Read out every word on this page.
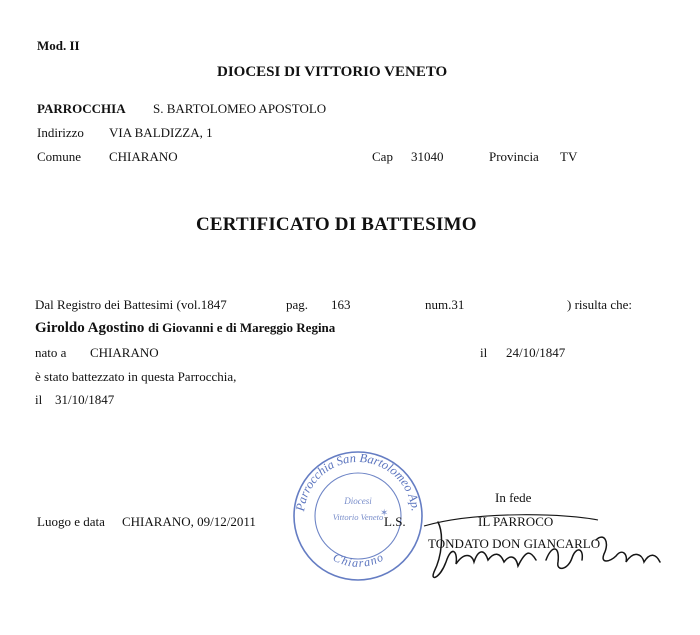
Mod. II
DIOCESI DI VITTORIO VENETO
PARROCCHIA S. BARTOLOMEO APOSTOLO
Indirizzo VIA BALDIZZA, 1
Comune CHIARANO	Cap 31040	Provincia TV
CERTIFICATO DI BATTESIMO
Dal Registro dei Battesimi (vol.1847	pag. 163	num.31	) risulta che:
Giroldo Agostino di Giovanni e di Mareggio Regina
nato a CHIARANO	il 24/10/1847
è stato battezzato in questa Parrocchia,
il 31/10/1847
Luogo e data CHIARANO, 09/12/2011
In fede
IL PARROCO
TONDATO DON GIANCARLO
Parrocchia San Bartolomeo Ap.
Chiarano
Diocesi
Vittorio Veneto
✶
L.S.
